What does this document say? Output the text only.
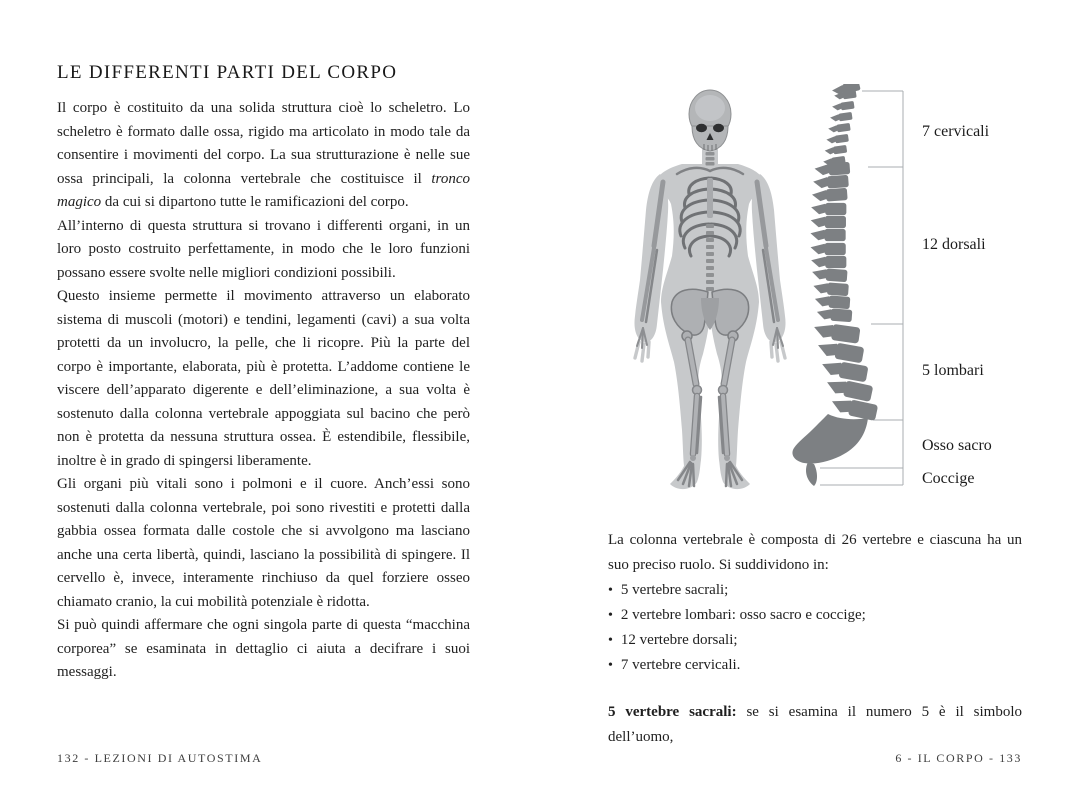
LE DIFFERENTI PARTI DEL CORPO

Il corpo è costituito da una solida struttura cioè lo scheletro. Lo scheletro è formato dalle ossa, rigido ma articolato in modo tale da consentire i movimenti del corpo. La sua strutturazione è nelle sue ossa principali, la colonna vertebrale che costituisce il tronco magico da cui si dipartono tutte le ramificazioni del corpo.

All’interno di questa struttura si trovano i differenti organi, in un loro posto costruito perfettamente, in modo che le loro funzioni possano essere svolte nelle migliori condizioni possibili.

Questo insieme permette il movimento attraverso un elaborato sistema di muscoli (motori) e tendini, legamenti (cavi) a sua volta protetti da un involucro, la pelle, che li ricopre. Più la parte del corpo è importante, elaborata, più è protetta. L’addome contiene le viscere dell’apparato digerente e dell’eliminazione, a sua volta è sostenuto dalla colonna vertebrale appoggiata sul bacino che però non è protetta da nessuna struttura ossea. È estendibile, flessibile, inoltre è in grado di spingersi liberamente.

Gli organi più vitali sono i polmoni e il cuore. Anch’essi sono sostenuti dalla colonna vertebrale, poi sono rivestiti e protetti dalla gabbia ossea formata dalle costole che si avvolgono ma lasciano anche una certa libertà, quindi, lasciano la possibilità di spingere. Il cervello è, invece, interamente rinchiuso da quel forziere osseo chiamato cranio, la cui mobilità potenziale è ridotta.

Si può quindi affermare che ogni singola parte di questa “macchina corporea” se esaminata in dettaglio ci aiuta a decifrare i suoi messaggi.

7 cervicali
12 dorsali
5 lombari
Osso sacro
Coccige

La colonna vertebrale è composta di 26 vertebre e ciascuna ha un suo preciso ruolo. Si suddividono in:

• 5 vertebre sacrali;
• 2 vertebre lombari: osso sacro e coccige;
• 12 vertebre dorsali;
• 7 vertebre cervicali.

5 vertebre sacrali: se si esamina il numero 5 è il simbolo dell’uomo,

132 - LEZIONI DI AUTOSTIMA	6 - IL CORPO - 133
